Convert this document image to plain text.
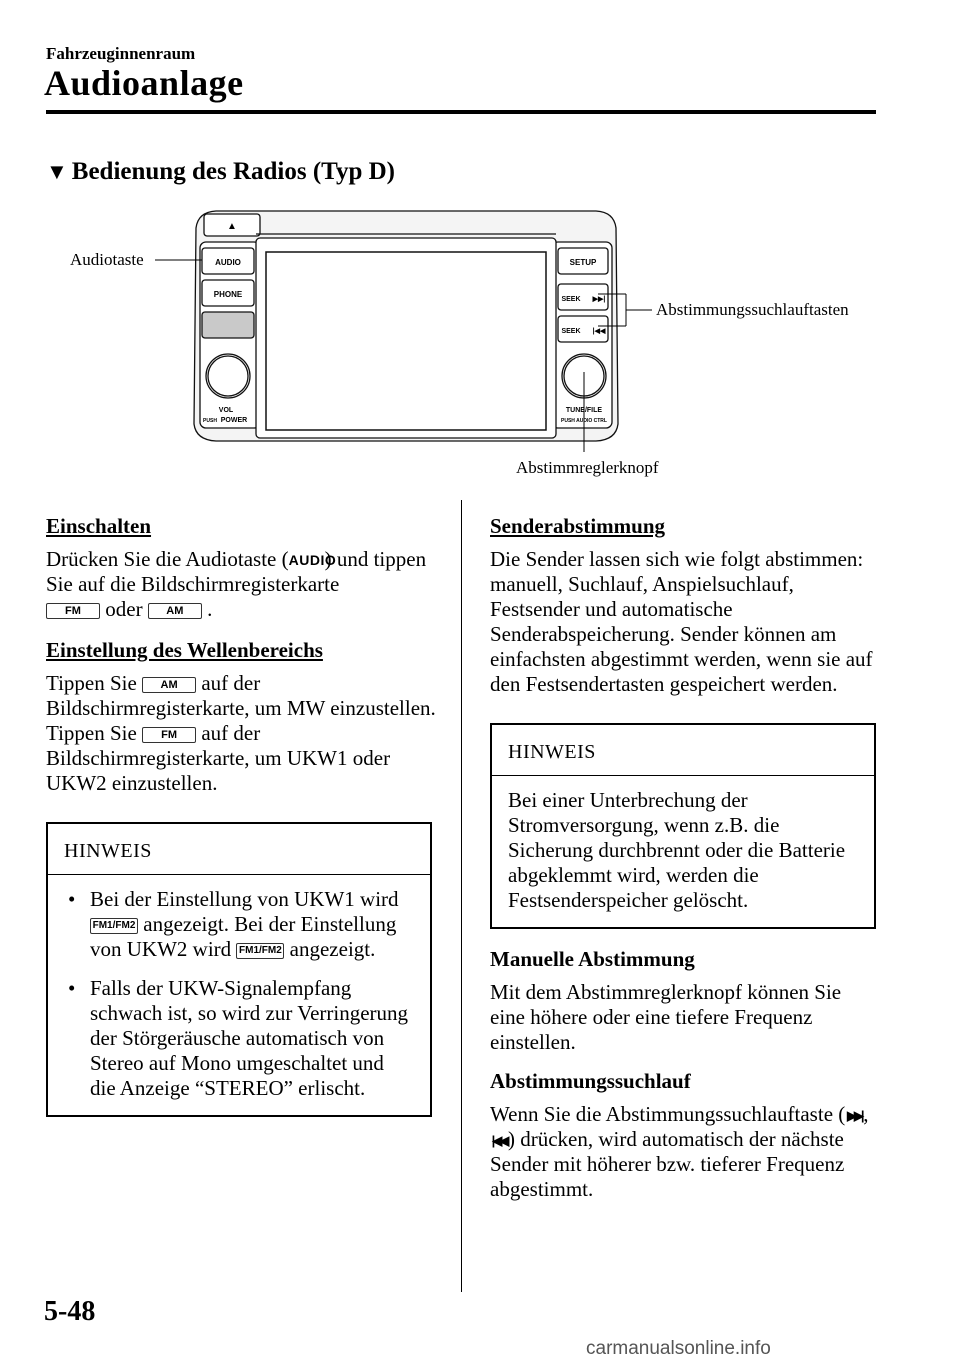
Fahrzeuginnenraum
Audioanlage
▼ Bedienung des Radios (Typ D)
Audiotaste
Abstimmungssuchlauftasten
Abstimmreglerknopf
▲
AUDIO
PHONE
SETUP
SEEK ▶▶|
SEEK |◀◀
VOL
PUSH POWER
TUNE/FILE
PUSH AUDIO CTRL

Einschalten

Drücken Sie die Audiotaste (AUDIO) und tippen Sie auf die Bildschirmregisterkarte
FM oder AM .

Einstellung des Wellenbereichs

Tippen Sie AM auf der Bildschirmregisterkarte, um MW einzustellen. Tippen Sie FM auf der Bildschirmregisterkarte, um UKW1 oder UKW2 einzustellen.

HINWEIS
• Bei der Einstellung von UKW1 wird FM1/FM2 angezeigt. Bei der Einstellung von UKW2 wird FM1/FM2 angezeigt.
• Falls der UKW-Signalempfang schwach ist, so wird zur Verringerung der Störgeräusche automatisch von Stereo auf Mono umgeschaltet und die Anzeige “STEREO” erlischt.

Senderabstimmung

Die Sender lassen sich wie folgt abstimmen: manuell, Suchlauf, Anspielsuchlauf, Festsender und automatische Senderabspeicherung. Sender können am einfachsten abgestimmt werden, wenn sie auf den Festsendertasten gespeichert werden.

HINWEIS
Bei einer Unterbrechung der Stromversorgung, wenn z.B. die Sicherung durchbrennt oder die Batterie abgeklemmt wird, werden die Festsenderspeicher gelöscht.

Manuelle Abstimmung

Mit dem Abstimmreglerknopf können Sie eine höhere oder eine tiefere Frequenz einstellen.

Abstimmungssuchlauf

Wenn Sie die Abstimmungssuchlauftaste ( ▶▶|, |◀◀) drücken, wird automatisch der nächste Sender mit höherer bzw. tieferer Frequenz abgestimmt.

5-48
carmanualsonline.info
